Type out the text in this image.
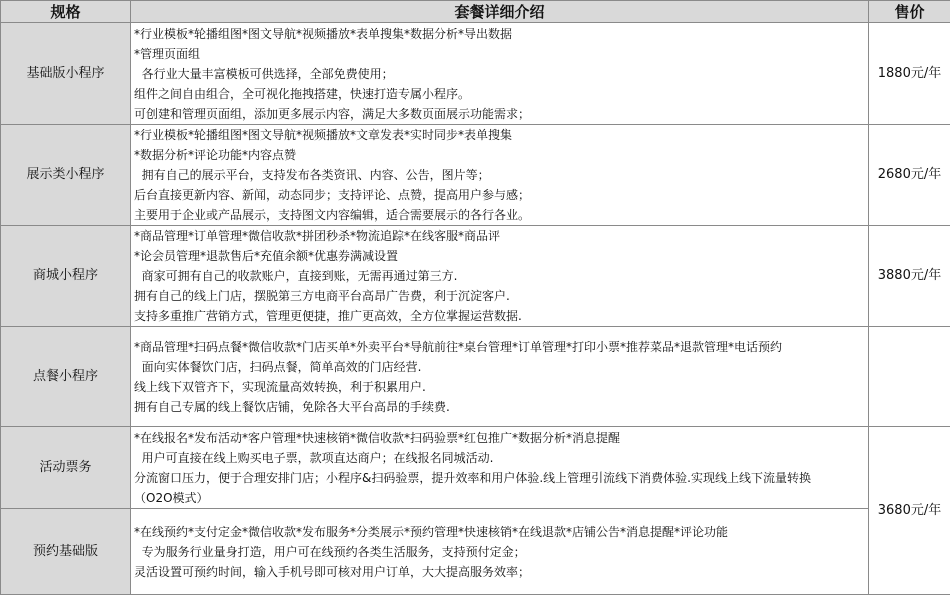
规格	套餐详细介绍	售价
基础版小程序	*行业模板*轮播组图*图文导航*视频播放*表单搜集*数据分析*导出数据
*管理页面组
各行业大量丰富模板可供选择，全部免费使用；
组件之间自由组合，全可视化拖拽搭建，快速打造专属小程序。
可创建和管理页面组，添加更多展示内容，满足大多数页面展示功能需求；	1880元/年
展示类小程序	*行业模板*轮播组图*图文导航*视频播放*文章发表*实时同步*表单搜集
*数据分析*评论功能*内容点赞
拥有自己的展示平台，支持发布各类资讯、内容、公告，图片等；
后台直接更新内容、新闻，动态同步；支持评论、点赞，提高用户参与感；
主要用于企业或产品展示，支持图文内容编辑，适合需要展示的各行各业。	2680元/年
商城小程序	*商品管理*订单管理*微信收款*拼团秒杀*物流追踪*在线客服*商品评
*论会员管理*退款售后*充值余额*优惠券满减设置
商家可拥有自己的收款账户，直接到账，无需再通过第三方.
拥有自己的线上门店，摆脱第三方电商平台高昂广告费，利于沉淀客户.
支持多重推广营销方式，管理更便捷，推广更高效，全方位掌握运营数据.	3880元/年
点餐小程序	*商品管理*扫码点餐*微信收款*门店买单*外卖平台*导航前往*桌台管理*订单管理*打印小票*推荐菜品*退款管理*电话预约
面向实体餐饮门店，扫码点餐，简单高效的门店经营.
线上线下双管齐下，实现流量高效转换，利于积累用户.
拥有自己专属的线上餐饮店铺，免除各大平台高昂的手续费.	

活动票务	*在线报名*发布活动*客户管理*快速核销*微信收款*扫码验票*红包推广*数据分析*消息提醒
用户可直接在线上购买电子票，款项直达商户；在线报名同城活动.
分流窗口压力，便于合理安排门店；小程序&扫码验票，提升效率和用户体验.线上管理引流线下消费体验.实现线上线下流量转换
（O2O模式）	3680元/年
预约基础版	*在线预约*支付定金*微信收款*发布服务*分类展示*预约管理*快速核销*在线退款*店铺公告*消息提醒*评论功能
专为服务行业量身打造，用户可在线预约各类生活服务，支持预付定金；
灵活设置可预约时间，输入手机号即可核对用户订单，大大提高服务效率；	
